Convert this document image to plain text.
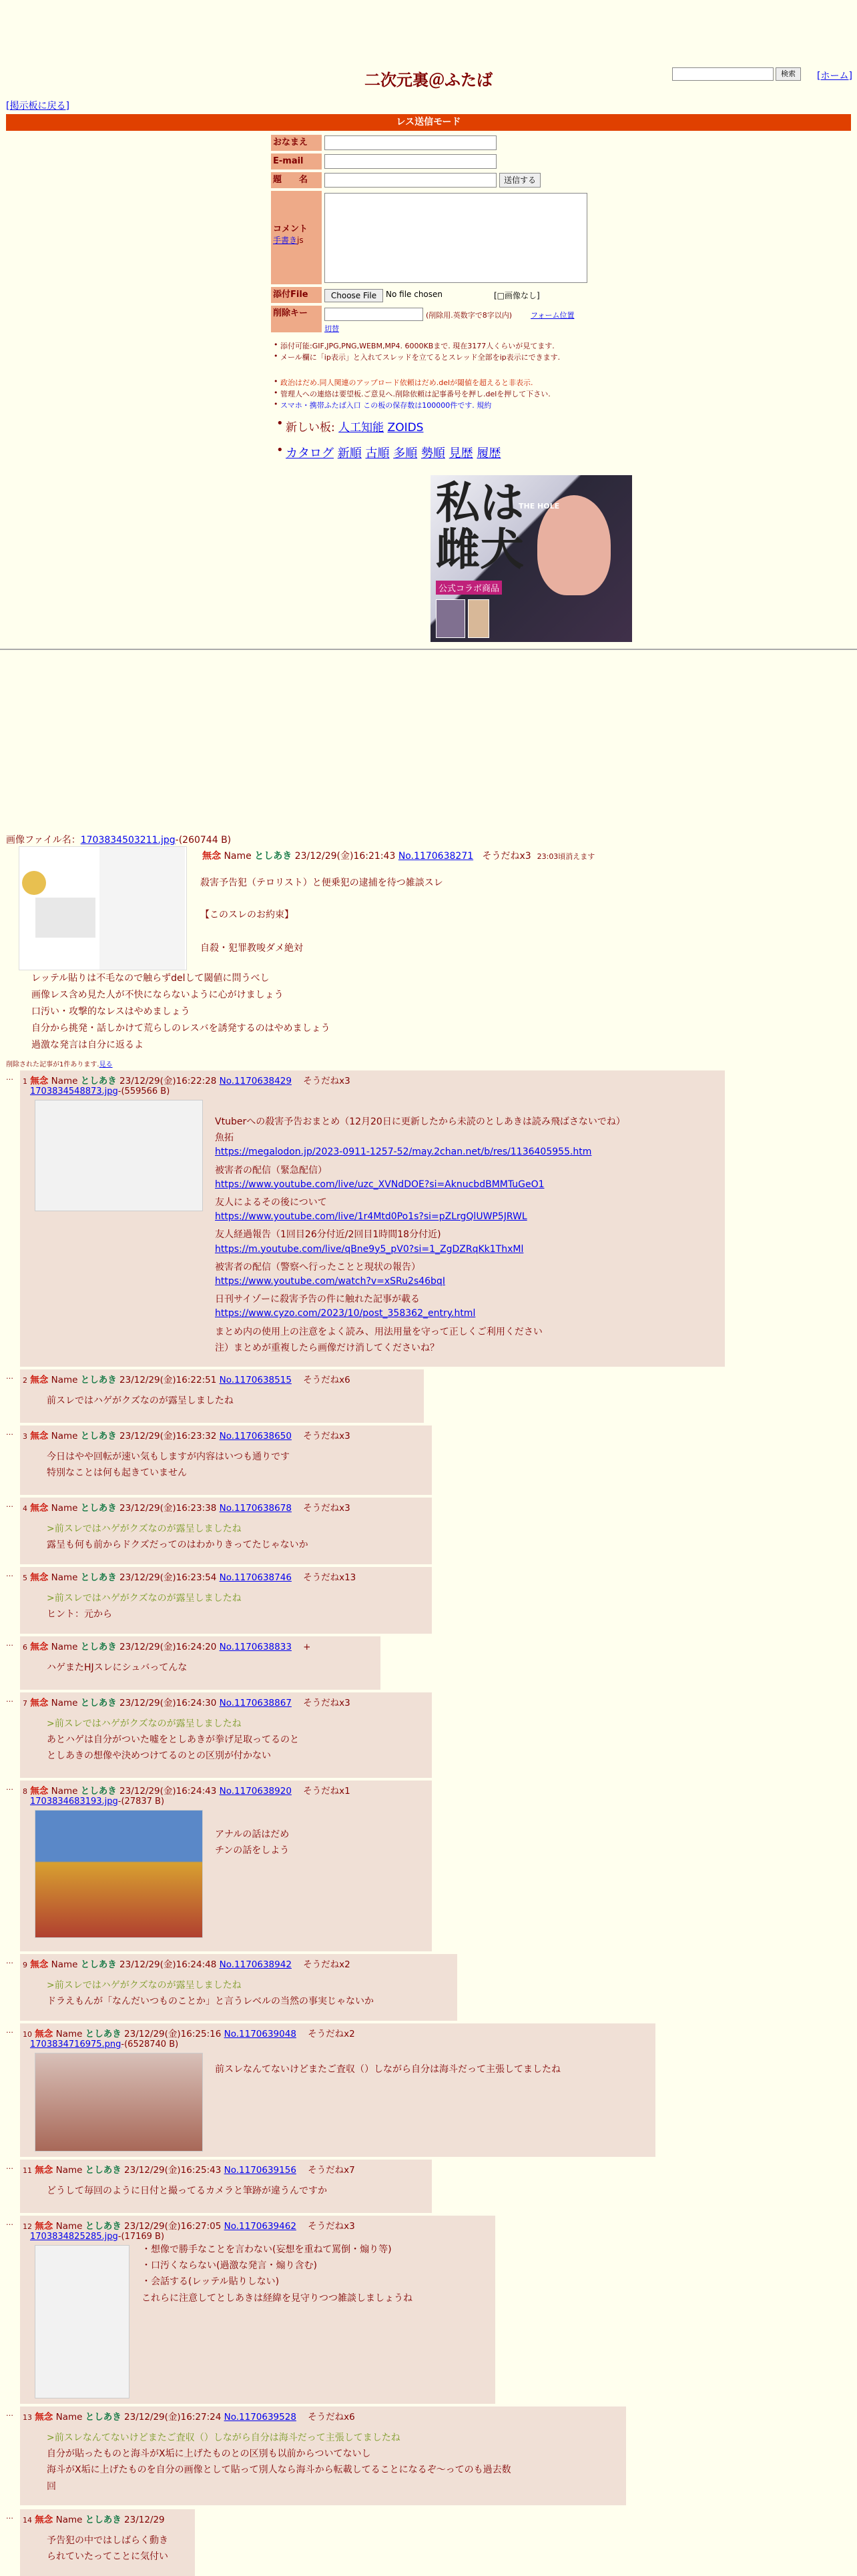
二次元裏＠ふたば	検索	[ホーム]
[掲示板に戻る]
レス送信モード
おなまえ
E-mail
題　　名	送信する
コメント
手書きjs
添付File	Choose File	No file chosen	[□画像なし]
削除キー	(削除用.英数字で8字以内)	フォーム位置
切替
• 添付可能:GIF,JPG,PNG,WEBM,MP4. 6000KBまで. 現在3177人くらいが見てます.
• メール欄に「ip表示」と入れてスレッドを立てるとスレッド全部をip表示にできます.
• 政治はだめ.同人関連のアップロード依頼はだめ.delが閾値を超えると非表示.
• 管理人への連絡は要望板.ご意見へ.削除依頼は記事番号を押し.delを押して下さい.
• スマホ・携帯ふたば入口 この板の保存数は100000件です. 規約
• 新しい板: 人工知能 ZOIDS
• カタログ 新順 古順 多順 勢順 見歴 履歴
私は
雌犬
THE HOLE
公式コラボ商品
画像ファイル名：1703834503211.jpg-(260744 B)
無念 Name としあき 23/12/29(金)16:21:43 No.1170638271 そうだねx3 23:03頃消えます
殺害予告犯（テロリスト）と便乗犯の逮捕を待つ雑談スレ
【このスレのお約束】
自殺・犯罪教唆ダメ絶対
レッテル貼りは不毛なので触らずdelして閾値に問うべし
画像レス含め見た人が不快にならないように心がけましょう
口汚い・攻撃的なレスはやめましょう
自分から挑発・話しかけて荒らしのレスバを誘発するのはやめましょう
過激な発言は自分に返るよ
削除された記事が1件あります.見る
… 1 無念 Name としあき 23/12/29(金)16:22:28 No.1170638429 そうだねx3
1703834548873.jpg-(559566 B)
Vtuberへの殺害予告おまとめ（12月20日に更新したから未読のとしあきは読み飛ばさないでね）
魚拓
https://megalodon.jp/2023-0911-1257-52/may.2chan.net/b/res/1136405955.htm
被害者の配信（緊急配信）
https://www.youtube.com/live/uzc_XVNdDOE?si=AknucbdBMMTuGeO1
友人によるその後について
https://www.youtube.com/live/1r4Mtd0Po1s?si=pZLrgQlUWP5JRWL
友人経過報告（1回目26分付近/2回目1時間18分付近)
https://m.youtube.com/live/qBne9y5_pV0?si=1_ZgDZRqKk1ThxMl
被害者の配信（警察へ行ったことと現状の報告）
https://www.youtube.com/watch?v=xSRu2s46bqI
日刊サイゾーに殺害予告の件に触れた記事が載る
https://www.cyzo.com/2023/10/post_358362_entry.html
まとめ内の使用上の注意をよく読み、用法用量を守って正しくご利用ください
注）まとめが重複したら画像だけ消してくださいね？
… 2 無念 Name としあき 23/12/29(金)16:22:51 No.1170638515 そうだねx6
前スレではハゲがクズなのが露呈しましたね
… 3 無念 Name としあき 23/12/29(金)16:23:32 No.1170638650 そうだねx3
今日はやや回転が速い気もしますが内容はいつも通りです
特別なことは何も起きていません
… 4 無念 Name としあき 23/12/29(金)16:23:38 No.1170638678 そうだねx3
>前スレではハゲがクズなのが露呈しましたね
露呈も何も前からドクズだってのはわかりきってたじゃないか
… 5 無念 Name としあき 23/12/29(金)16:23:54 No.1170638746 そうだねx13
>前スレではハゲがクズなのが露呈しましたね
ヒント：元から
… 6 無念 Name としあき 23/12/29(金)16:24:20 No.1170638833 +
ハゲまたHJスレにシュバってんな
… 7 無念 Name としあき 23/12/29(金)16:24:30 No.1170638867 そうだねx3
>前スレではハゲがクズなのが露呈しましたね
あとハゲは自分がついた嘘をとしあきが拳げ足取ってるのと
としあきの想像や決めつけてるのとの区別が付かない
… 8 無念 Name としあき 23/12/29(金)16:24:43 No.1170638920 そうだねx1
1703834683193.jpg-(27837 B)
アナルの話はだめ
チンの話をしよう
… 9 無念 Name としあき 23/12/29(金)16:24:48 No.1170638942 そうだねx2
>前スレではハゲがクズなのが露呈しましたね
ドラえもんが「なんだいつものことか」と言うレベルの当然の事実じゃないか
… 10 無念 Name としあき 23/12/29(金)16:25:16 No.1170639048 そうだねx2
1703834716975.png-(6528740 B)
前スレなんてないけどまたご査収（）しながら自分は海斗だって主張してましたね
… 11 無念 Name としあき 23/12/29(金)16:25:43 No.1170639156 そうだねx7
どうして毎回のように日付と撮ってるカメラと筆跡が違うんですか
… 12 無念 Name としあき 23/12/29(金)16:27:05 No.1170639462 そうだねx3
1703834825285.jpg-(17169 B)
・想像で勝手なことを言わない(妄想を重ねて罵倒・煽り等)
・口汚くならない(過激な発言・煽り含む)
・会話する(レッテル貼りしない)
これらに注意してとしあきは経緯を見守りつつ雑談しましょうね
… 13 無念 Name としあき 23/12/29(金)16:27:24 No.1170639528 そうだねx6
>前スレなんてないけどまたご査収（）しながら自分は海斗だって主張してましたね
自分が貼ったものと海斗がX垢に上げたものとの区別も以前からついてないし
海斗がX垢に上げたものを自分の画像として貼って別人なら海斗から転載してることになるぞ～ってのも過去数
回
… 14 無念 Name としあき 23/12/29
予告犯の中ではしばらく動き
られていたってことに気付い
